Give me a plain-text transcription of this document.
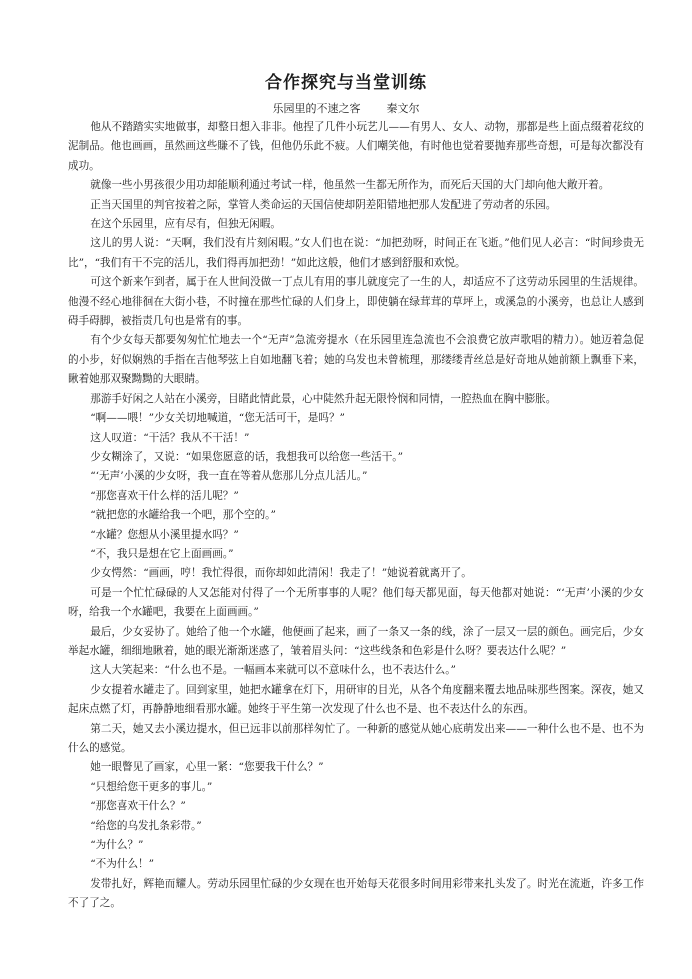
合作探究与当堂训练
乐园里的不速之客 秦文尔

他从不踏踏实实地做事，却整日想入非非。他捏了几件小玩艺儿——有男人、女人、动物，那都是些上面点缀着花纹的泥制品。他也画画，虽然画这些賺不了钱，但他仍乐此不疲。人们嘲笑他，有时他也觉着要抛弃那些奇想，可是每次都没有成功。

就像一些小男孩很少用功却能顺利通过考试一样，他虽然一生都无所作为，而死后天国的大门却向他大敞开着。

正当天国里的判官按着之际，掌管人类命运的天国信使却阴差阳错地把那人发配进了劳动者的乐园。

在这个乐园里，应有尽有，但独无闲暇。

这儿的男人说：“天啊，我们没有片刻闲暇。”女人们也在说：“加把劲呀，时间正在飞逝。”他们见人必言：“时间珍贵无比”，“我们有干不完的活儿，我们得再加把劲！”如此这般，他们才感到舒服和欢悦。

可这个新来乍到者，属于在人世间没做一丁点儿有用的事儿就度完了一生的人，却适应不了这劳动乐园里的生活规律。他漫不经心地徘徊在大街小巷，不时撞在那些忙碌的人们身上，即使躺在绿茸茸的草坪上，或溪急的小溪旁，也总让人感到碍手碍脚，被指责几句也是常有的事。

有个少女每天都要匆匆忙忙地去一个“无声”急流旁提水（在乐园里连急流也不会浪费它放声歌唱的精力）。她迈着急促的小步，好似娴熟的手指在吉他琴弦上自如地翻飞着；她的乌发也未曾梳理，那缕缕青丝总是好奇地从她前额上飘垂下来，瞅着她那双聚黝黝的大眼睛。

那游手好闲之人站在小溪旁，目睹此情此景，心中陡然升起无限怜悯和同情，一腔热血在胸中膨胀。

“啊——喂！”少女关切地喊道，“您无活可干，是吗？”

这人叹道：“干活？我从不干活！”

少女糊涂了，又说：“如果您愿意的话，我想我可以给您一些活干。”

“‘无声’小溪的少女呀，我一直在等着从您那儿分点儿活儿。”

“那您喜欢干什么样的活儿呢？”

“就把您的水罐给我一个吧，那个空的。”

“水罐？您想从小溪里提水吗？”

“不，我只是想在它上面画画。”

少女愕然：“画画，哼！我忙得很，而你却如此清闲！我走了！”她说着就离开了。

可是一个忙忙碌碌的人又怎能对付得了一个无所事事的人呢？他们每天都见面，每天他都对她说：“‘无声’小溪的少女呀，给我一个水罐吧，我要在上面画画。”

最后，少女妥协了。她给了他一个水罐，他便画了起来，画了一条又一条的线，涂了一层又一层的颜色。画完后，少女举起水罐，细细地瞅着，她的眼光渐渐迷惑了，皱着眉头问：“这些线条和色彩是什么呀？要表达什么呢？”

这人大笑起来：“什么也不是。一幅画本来就可以不意味什么，也不表达什么。”

少女提着水罐走了。回到家里，她把水罐拿在灯下，用研审的目光，从各个角度翻来覆去地品味那些图案。深夜，她又起床点燃了灯，再静静地细看那水罐。她终于平生第一次发现了什么也不是、也不表达什么的东西。

第二天，她又去小溪边提水，但已远非以前那样匆忙了。一种新的感觉从她心底萌发出来——一种什么也不是、也不为什么的感觉。

她一眼瞥见了画家，心里一紧：“您要我干什么？”

“只想给您干更多的事儿。”

“那您喜欢干什么？”

“给您的乌发扎条彩带。”

“为什么？”

“不为什么！”

发带扎好，辉艳而耀人。劳动乐园里忙碌的少女现在也开始每天花很多时间用彩带来扎头发了。时光在流逝，许多工作不了了之。
